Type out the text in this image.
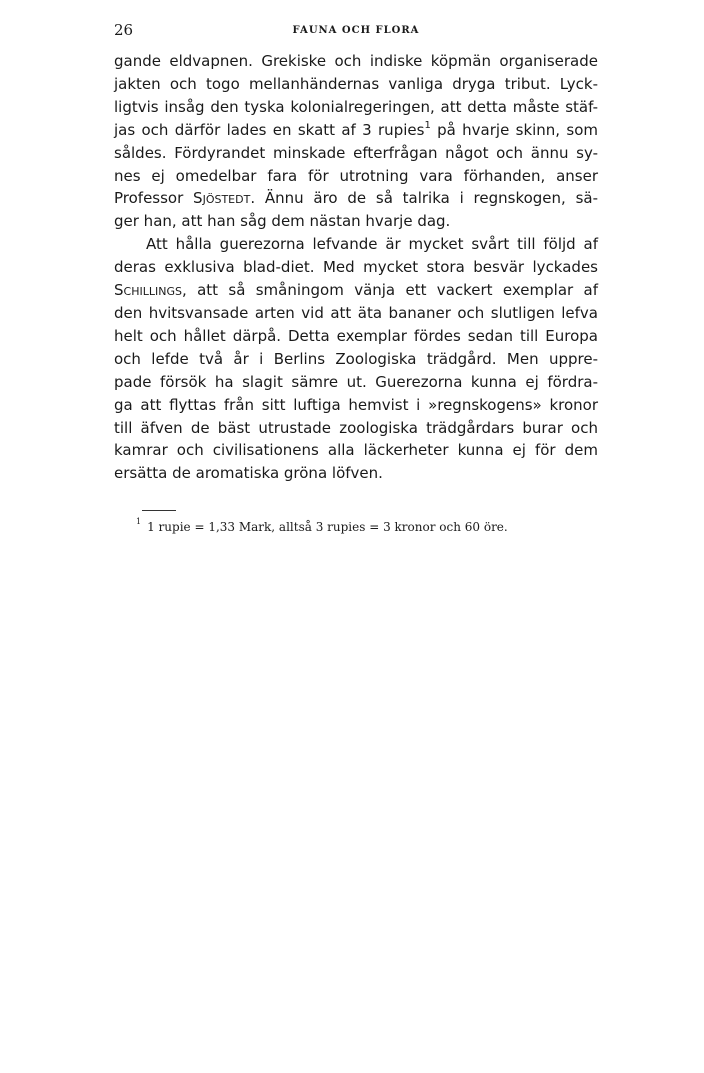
26	FAUNA OCH FLORA
gande eldvapnen. Grekiske och indiske köpmän organiserade
jakten och togo mellanhändernas vanliga dryga tribut. Lyck-
ligtvis insåg den tyska kolonialregeringen, att detta måste stäf-
jas och därför lades en skatt af 3 rupies$^1$ på hvarje skinn, som
såldes. Fördyrandet minskade efterfrågan något och ännu sy-
nes ej omedelbar fara för utrotning vara förhanden, anser
Professor Sjöstedt. Ännu äro de så talrika i regnskogen, sä-
ger han, att han såg dem nästan hvarje dag.
Att hålla guerezorna lefvande är mycket svårt till följd af
deras exklusiva blad-diet. Med mycket stora besvär lyckades
Schillings, att så småningom vänja ett vackert exemplar af
den hvitsvansade arten vid att äta bananer och slutligen lefva
helt och hållet därpå. Detta exemplar fördes sedan till Europa
och lefde två år i Berlins Zoologiska trädgård. Men uppre-
pade försök ha slagit sämre ut. Guerezorna kunna ej fördra-
ga att flyttas från sitt luftiga hemvist i »regnskogens» kronor
till äfven de bäst utrustade zoologiska trädgårdars burar och
kamrar och civilisationens alla läckerheter kunna ej för dem
ersätta de aromatiska gröna löfven.
$^1$ 1 rupie = 1,33 Mark, alltså 3 rupies = 3 kronor och 60 öre.
